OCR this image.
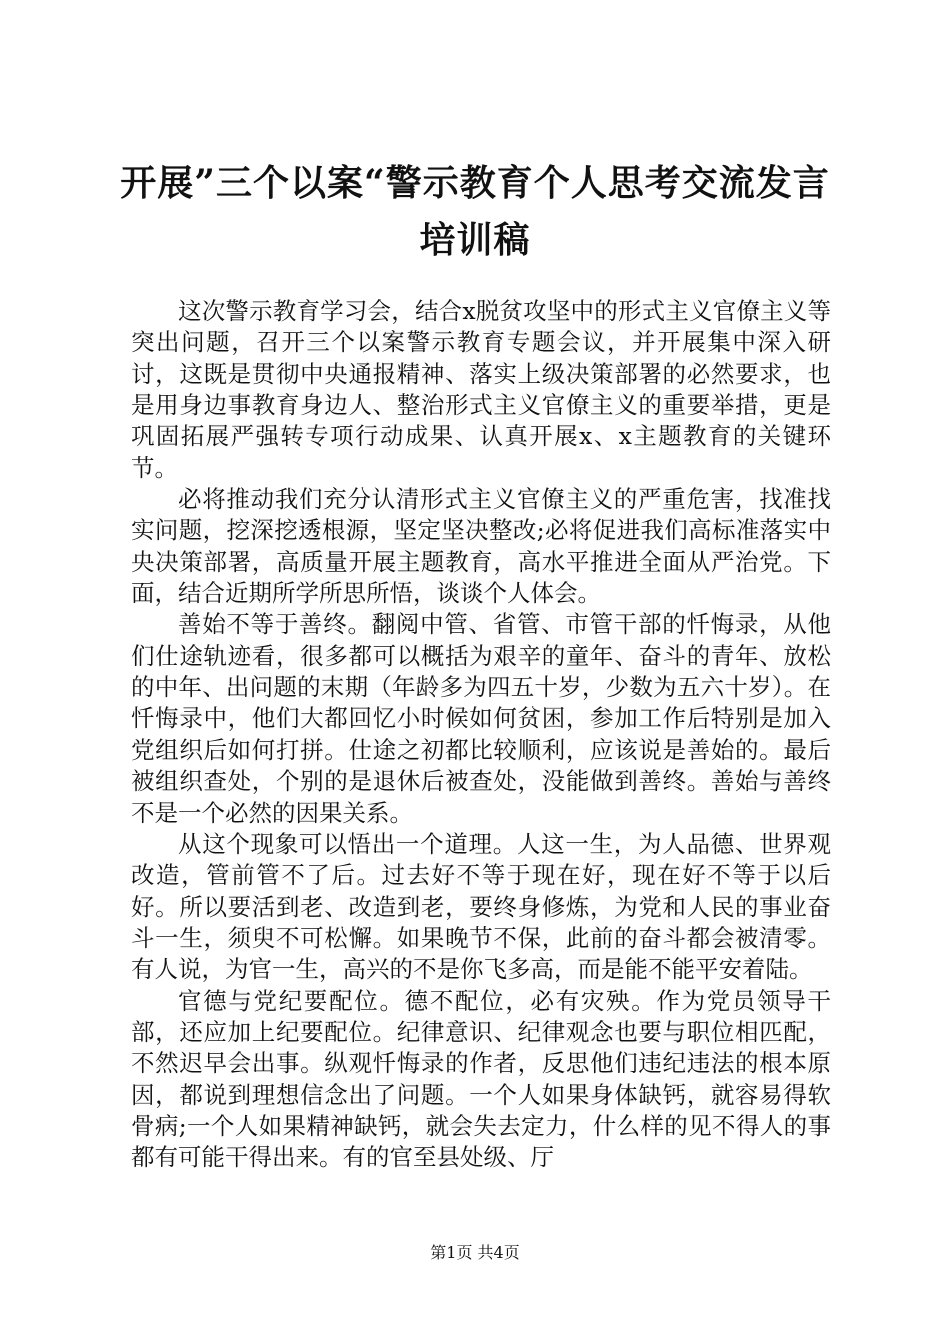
开展”三个以案“警示教育个人思考交流发言
培训稿

这次警示教育学习会，结合x脱贫攻坚中的形式主义官僚主义等突出问题，召开三个以案警示教育专题会议，并开展集中深入研讨，这既是贯彻中央通报精神、落实上级决策部署的必然要求，也是用身边事教育身边人、整治形式主义官僚主义的重要举措，更是巩固拓展严强转专项行动成果、认真开展x、x主题教育的关键环节。

必将推动我们充分认清形式主义官僚主义的严重危害，找准找实问题，挖深挖透根源，坚定坚决整改;必将促进我们高标准落实中央决策部署，高质量开展主题教育，高水平推进全面从严治党。下面，结合近期所学所思所悟，谈谈个人体会。

善始不等于善终。翻阅中管、省管、市管干部的忏悔录，从他们仕途轨迹看，很多都可以概括为艰辛的童年、奋斗的青年、放松的中年、出问题的末期（年龄多为四五十岁，少数为五六十岁）。在忏悔录中，他们大都回忆小时候如何贫困，参加工作后特别是加入党组织后如何打拼。仕途之初都比较顺利，应该说是善始的。最后被组织查处，个别的是退休后被查处，没能做到善终。善始与善终不是一个必然的因果关系。

从这个现象可以悟出一个道理。人这一生，为人品德、世界观改造，管前管不了后。过去好不等于现在好，现在好不等于以后好。所以要活到老、改造到老，要终身修炼，为党和人民的事业奋斗一生，须臾不可松懈。如果晚节不保，此前的奋斗都会被清零。有人说，为官一生，高兴的不是你飞多高，而是能不能平安着陆。

官德与党纪要配位。德不配位，必有灾殃。作为党员领导干部，还应加上纪要配位。纪律意识、纪律观念也要与职位相匹配，不然迟早会出事。纵观忏悔录的作者，反思他们违纪违法的根本原因，都说到理想信念出了问题。一个人如果身体缺钙，就容易得软骨病;一个人如果精神缺钙，就会失去定力，什么样的见不得人的事都有可能干得出来。有的官至县处级、厅

第1页 共4页
